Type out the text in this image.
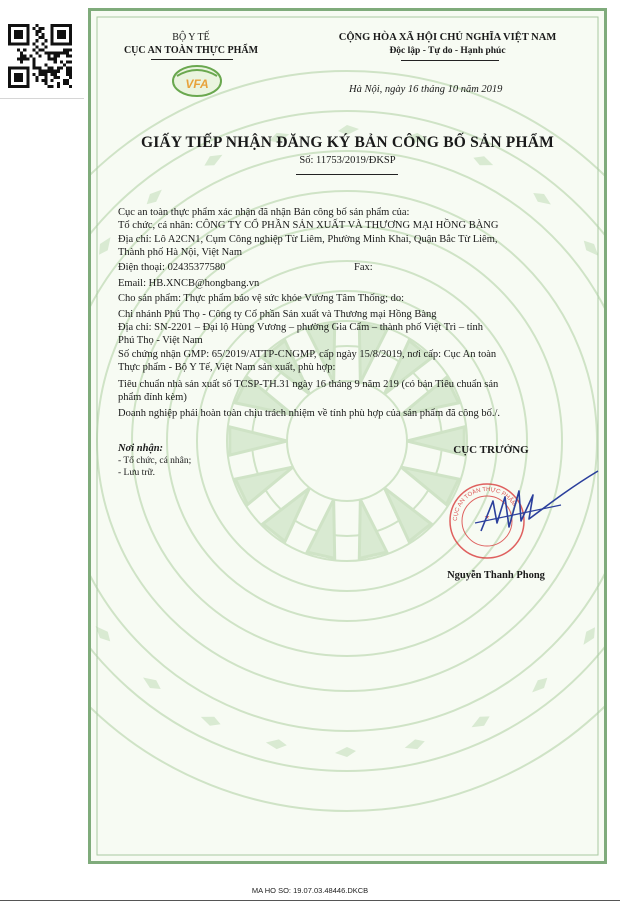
BỘ Y TẾ
CỤC AN TOÀN THỰC PHẨM
VFA
CỘNG HÒA XÃ HỘI CHỦ NGHĨA VIỆT NAM
Độc lập - Tự do - Hạnh phúc
Hà Nội, ngày 16 tháng 10 năm 2019
GIẤY TIẾP NHẬN ĐĂNG KÝ BẢN CÔNG BỐ SẢN PHẨM
Số: 11753/2019/ĐKSP
Cục an toàn thực phẩm xác nhận đã nhận Bản công bố sản phẩm của:
Tổ chức, cá nhân: CÔNG TY CỔ PHẦN SẢN XUẤT VÀ THƯƠNG MẠI HỒNG BÀNG
Địa chỉ: Lô A2CN1, Cụm Công nghiệp Từ Liêm, Phường Minh Khai, Quận Bắc Từ Liêm,
Thành phố Hà Nội, Việt Nam
Điện thoại: 02435377580	Fax:
Email: HB.XNCB@hongbang.vn
Cho sản phẩm: Thực phẩm bảo vệ sức khỏe Vương Tâm Thống; do:
Chi nhánh Phú Thọ - Công ty Cổ phần Sản xuất và Thương mại Hồng Bàng
Địa chỉ: SN-2201 – Đại lộ Hùng Vương – phường Gia Cẩm – thành phố Việt Trì – tỉnh
Phú Thọ - Việt Nam
Số chứng nhận GMP: 65/2019/ATTP-CNGMP, cấp ngày 15/8/2019, nơi cấp: Cục An toàn
Thực phẩm - Bộ Y Tế, Việt Nam sản xuất, phù hợp:
Tiêu chuẩn nhà sản xuất số TCSP-TH.31 ngày 16 tháng 9 năm 219 (có bản Tiêu chuẩn sản
phẩm đính kèm)
Doanh nghiệp phải hoàn toàn chịu trách nhiệm về tính phù hợp của sản phẩm đã công bố./.
Nơi nhận:
- Tổ chức, cá nhân;
- Lưu trữ.
CỤC TRƯỞNG
CỤC AN TOÀN THỰC PHẨM
★
Nguyễn Thanh Phong
MA HO SO: 19.07.03.48446.DKCB
